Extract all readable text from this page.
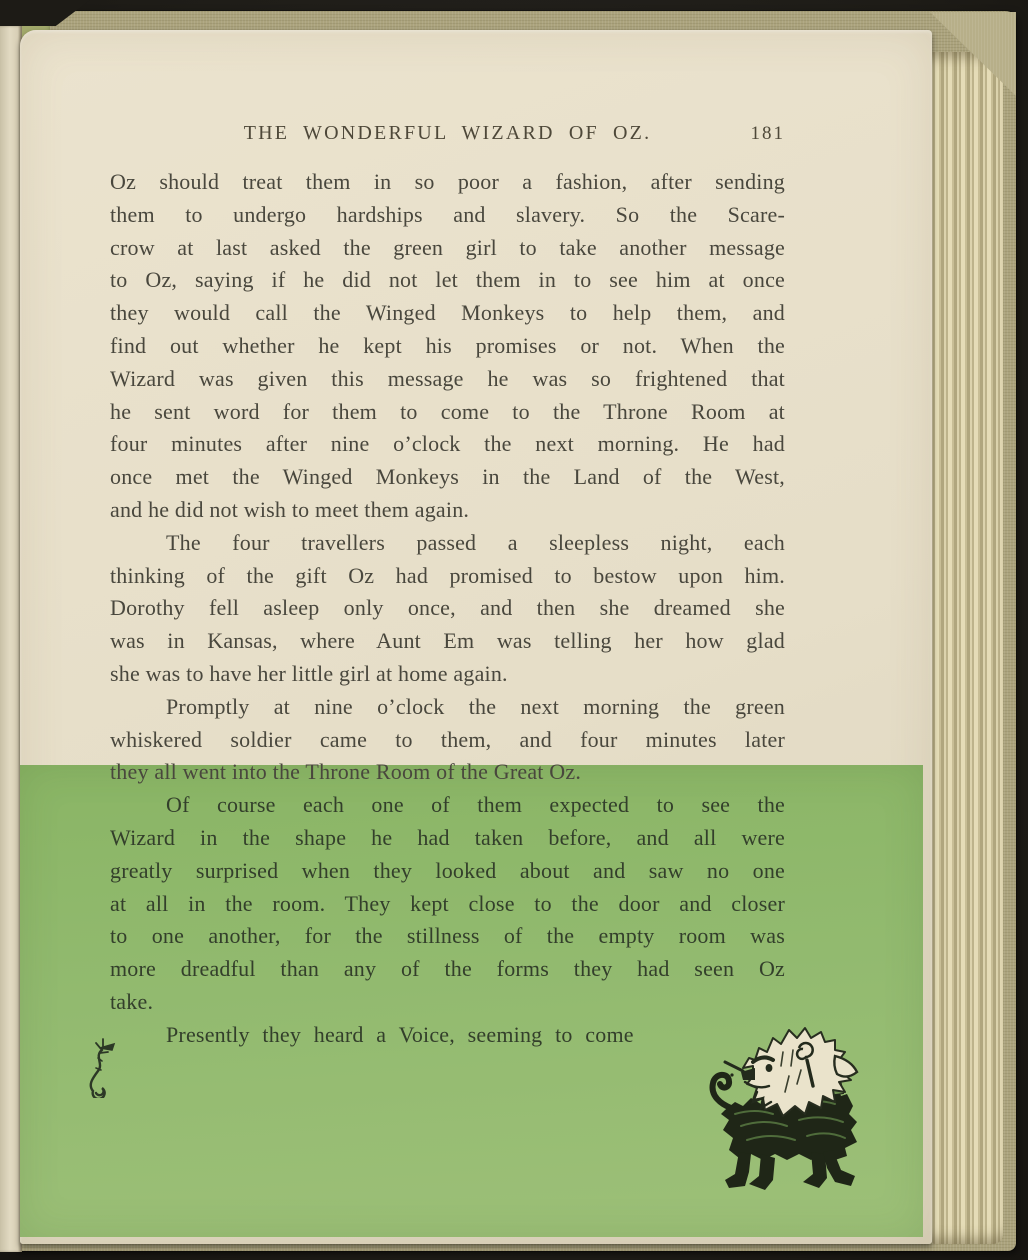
THE WONDERFUL WIZARD OF OZ.	181
Oz should treat them in so poor a fashion, after sending
them to undergo hardships and slavery. So the Scare-
crow at last asked the green girl to take another message
to Oz, saying if he did not let them in to see him at once
they would call the Winged Monkeys to help them, and
find out whether he kept his promises or not. When the
Wizard was given this message he was so frightened that
he sent word for them to come to the Throne Room at
four minutes after nine o’clock the next morning. He had
once met the Winged Monkeys in the Land of the West,
and he did not wish to meet them again.
The four travellers passed a sleepless night, each
thinking of the gift Oz had promised to bestow upon him.
Dorothy fell asleep only once, and then she dreamed she
was in Kansas, where Aunt Em was telling her how glad
she was to have her little girl at home again.
Promptly at nine o’clock the next morning the green
whiskered soldier came to them, and four minutes later
they all went into the Throne Room of the Great Oz.
Of course each one of them expected to see the
Wizard in the shape he had taken before, and all were
greatly surprised when they looked about and saw no one
at all in the room. They kept close to the door and closer
to one another, for the stillness of the empty room was
more dreadful than any of the forms they had seen Oz
take.
Presently they heard a Voice, seeming to come
